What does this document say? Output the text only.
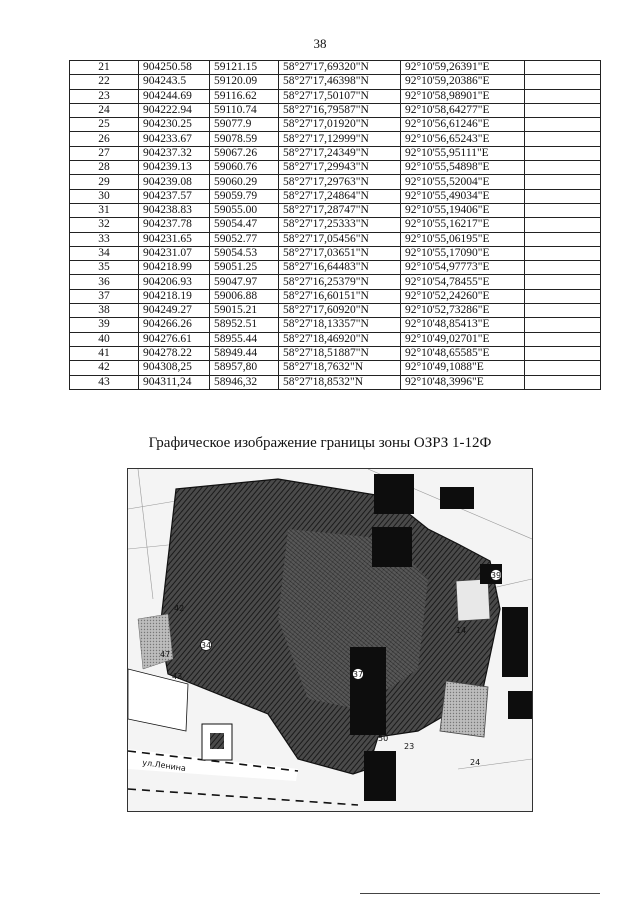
38
21	904250.58	59121.15	58°27'17,69320"N	92°10'59,26391"E	
22	904243.5	59120.09	58°27'17,46398"N	92°10'59,20386"E	
23	904244.69	59116.62	58°27'17,50107"N	92°10'58,98901"E	
24	904222.94	59110.74	58°27'16,79587"N	92°10'58,64277"E	
25	904230.25	59077.9	58°27'17,01920"N	92°10'56,61246"E	
26	904233.67	59078.59	58°27'17,12999"N	92°10'56,65243"E	
27	904237.32	59067.26	58°27'17,24349"N	92°10'55,95111"E	
28	904239.13	59060.76	58°27'17,29943"N	92°10'55,54898"E	
29	904239.08	59060.29	58°27'17,29763"N	92°10'55,52004"E	
30	904237.57	59059.79	58°27'17,24864"N	92°10'55,49034"E	
31	904238.83	59055.00	58°27'17,28747"N	92°10'55,19406"E	
32	904237.78	59054.47	58°27'17,25333"N	92°10'55,16217"E	
33	904231.65	59052.77	58°27'17,05456"N	92°10'55,06195"E	
34	904231.07	59054.53	58°27'17,03651"N	92°10'55,17090"E	
35	904218.99	59051.25	58°27'16,64483"N	92°10'54,97773"E	
36	904206.93	59047.97	58°27'16,25379"N	92°10'54,78455"E	
37	904218.19	59006.88	58°27'16,60151"N	92°10'52,24260"E	
38	904249.27	59015.21	58°27'17,60920"N	92°10'52,73286"E	
39	904266.26	58952.51	58°27'18,13357"N	92°10'48,85413"E	
40	904276.61	58955.44	58°27'18,46920"N	92°10'49,02701"E	
41	904278.22	58949.44	58°27'18,51887"N	92°10'48,65585"E	
42	904308,25	58957,80	58°27'18,7632"N	92°10'49,1088"E	
43	904311,24	58946,32	58°27'18,8532"N	92°10'48,3996"E	
Графическое изображение границы зоны ОЗРЗ 1-12Ф
34
37
39
42
47
43
50
23
24
14
ул.Ленина
